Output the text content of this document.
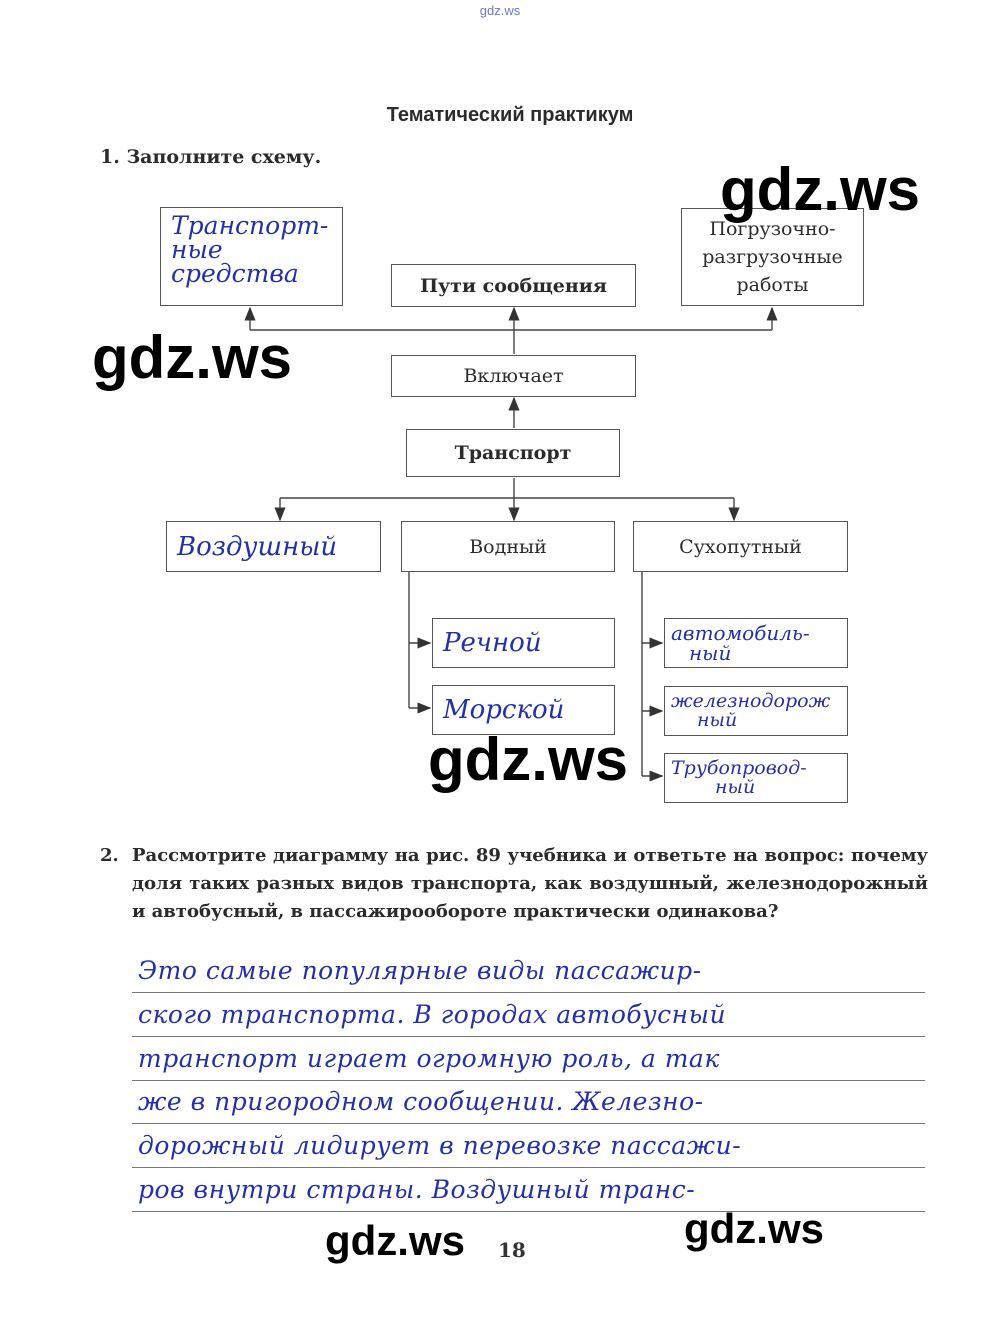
gdz.ws
Тематический практикум
1. Заполните схему.
Транспорт-
ные
средства	Пути сообщения
Погрузочно-
разгрузочные
работы
Включает
Транспорт
Воздушный	Водный	Сухопутный
Речной
Морской
автомобиль-
ный
железнодорож
ный
Трубопровод-
ный
2. Рассмотрите диаграмму на рис. 89 учебника и ответьте на вопрос: почему доля таких разных видов транспорта, как воздушный, железнодорожный и автобусный, в пассажирообороте практически одинакова?
Это самые популярные виды пассажир-
ского транспорта. В городах автобусный
транспорт играет огромную роль, а так
же в пригородном сообщении. Железно-
дорожный лидирует в перевозке пассажи-
ров внутри страны. Воздушный транс-
18
gdz.ws
gdz.ws
gdz.ws
gdz.ws	gdz.ws
